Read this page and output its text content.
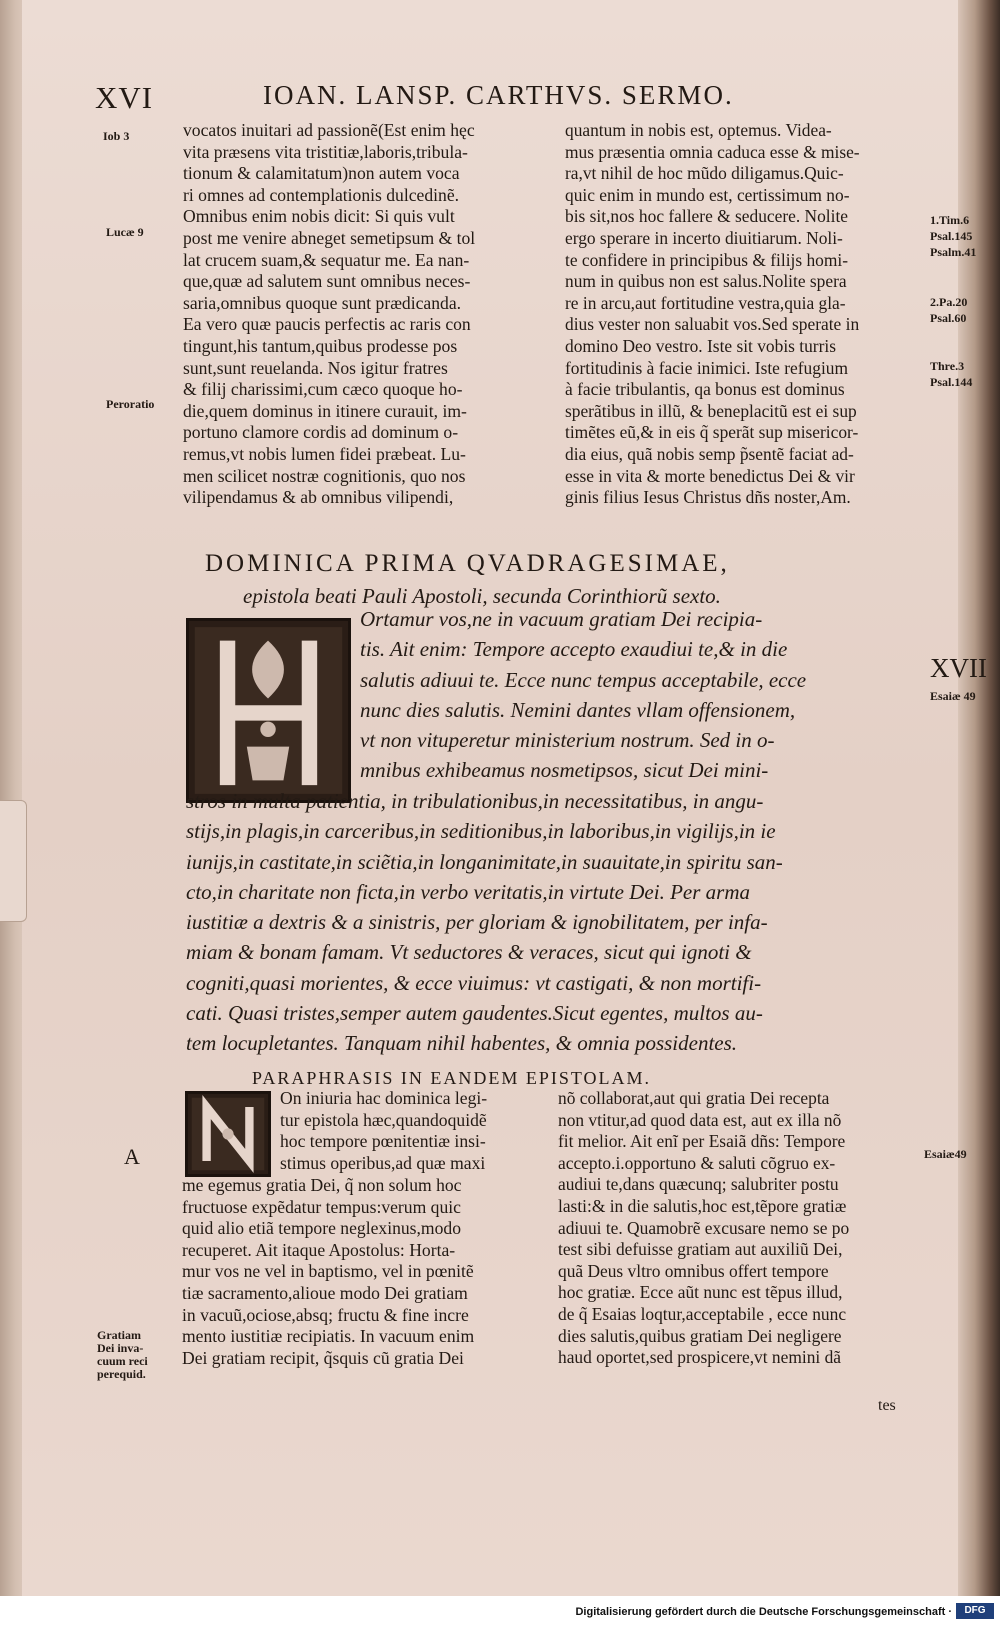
XVI	IOAN. LANSP. CARTHVS. SERMO.
Iob 3
Lucæ 9
Peroratio
1.Tim.6
Psal.145
Psalm.41
2.Pa.20
Psal.60
Thre.3
Psal.144
vocatos inuitari ad passionẽ(Est enim hęc
vita præsens vita tristitiæ,laboris,tribula-
tionum & calamitatum)non autem voca
ri omnes ad contemplationis dulcedinẽ.
Omnibus enim nobis dicit: Si quis vult
post me venire abneget semetipsum & tol
lat crucem suam,& sequatur me. Ea nan-
que,quæ ad salutem sunt omnibus neces-
saria,omnibus quoque sunt prædicanda.
Ea vero quæ paucis perfectis ac raris con
tingunt,his tantum,quibus prodesse pos
sunt,sunt reuelanda. Nos igitur fratres
& filij charissimi,cum cæco quoque ho-
die,quem dominus in itinere curauit, im-
portuno clamore cordis ad dominum o-
remus,vt nobis lumen fidei præbeat. Lu-
men scilicet nostræ cognitionis, quo nos
vilipendamus & ab omnibus vilipendi,
quantum in nobis est, optemus. Videa-
mus præsentia omnia caduca esse & mise-
ra,vt nihil de hoc mũdo diligamus.Quic-
quic enim in mundo est, certissimum no-
bis sit,nos hoc fallere & seducere. Nolite
ergo sperare in incerto diuitiarum. Noli-
te confidere in principibus & filijs homi-
num in quibus non est salus.Nolite spera
re in arcu,aut fortitudine vestra,quia gla-
dius vester non saluabit vos.Sed sperate in
domino Deo vestro. Iste sit vobis turris
fortitudinis à facie inimici. Iste refugium
à facie tribulantis, qa bonus est dominus
sperãtibus in illũ, & beneplacitũ est ei sup
timẽtes eũ,& in eis q̃ sperãt sup misericor-
dia eius, quã nobis semp p̃sentẽ faciat ad-
esse in vita & morte benedictus Dei & vir
ginis filius Iesus Christus dñs noster,Am.
DOMINICA PRIMA QVADRAGESIMAE,
epistola beati Pauli Apostoli, secunda Corinthiorũ sexto.
XVII
Esaiæ 49
Ortamur vos,ne in vacuum gratiam Dei recipia-
tis. Ait enim: Tempore accepto exaudiui te,& in die
salutis adiuui te. Ecce nunc tempus acceptabile, ecce
nunc dies salutis. Nemini dantes vllam offensionem,
vt non vituperetur ministerium nostrum. Sed in o-
mnibus exhibeamus nosmetipsos, sicut Dei mini-
stros in multa patientia, in tribulationibus,in necessitatibus, in angu-
stijs,in plagis,in carceribus,in seditionibus,in laboribus,in vigilijs,in ie
iunijs,in castitate,in sciẽtia,in longanimitate,in suauitate,in spiritu san-
cto,in charitate non ficta,in verbo veritatis,in virtute Dei. Per arma
iustitiæ a dextris & a sinistris, per gloriam & ignobilitatem, per infa-
miam & bonam famam. Vt seductores & veraces, sicut qui ignoti &
cogniti,quasi morientes, & ecce viuimus: vt castigati, & non mortifi-
cati. Quasi tristes,semper autem gaudentes.Sicut egentes, multos au-
tem locupletantes. Tanquam nihil habentes, & omnia possidentes.
PARAPHRASIS IN EANDEM EPISTOLAM.
A
Gratiam
Dei inva-
cuum reci
perequid.
Esaiæ49
On iniuria hac dominica legi-
tur epistola hæc,quandoquidẽ
hoc tempore pœnitentiæ insi-
stimus operibus,ad quæ maxi
me egemus gratia Dei, q̃ non solum hoc
fructuose expẽdatur tempus:verum quic
quid alio etiã tempore neglexinus,modo
recuperet. Ait itaque Apostolus: Horta-
mur vos ne vel in baptismo, vel in pœnitẽ
tiæ sacramento,alioue modo Dei gratiam
in vacuũ,ociose,absq; fructu & fine incre
mento iustitiæ recipiatis. In vacuum enim
Dei gratiam recipit, q̃squis cũ gratia Dei
nõ collaborat,aut qui gratia Dei recepta
non vtitur,ad quod data est, aut ex illa nõ
fit melior. Ait enĩ per Esaiã dñs: Tempore
accepto.i.opportuno & saluti cõgruo ex-
audiui te,dans quæcunq; salubriter postu
lasti:& in die salutis,hoc est,tẽpore gratiæ
adiuui te. Quamobrẽ excusare nemo se po
test sibi defuisse gratiam aut auxiliũ Dei,
quã Deus vltro omnibus offert tempore
hoc gratiæ. Ecce aũt nunc est tẽpus illud,
de q̃ Esaias loqtur,acceptabile , ecce nunc
dies salutis,quibus gratiam Dei negligere
haud oportet,sed prospicere,vt nemini dã
tes
Digitalisierung gefördert durch die Deutsche Forschungsgemeinschaft ·	DFG
